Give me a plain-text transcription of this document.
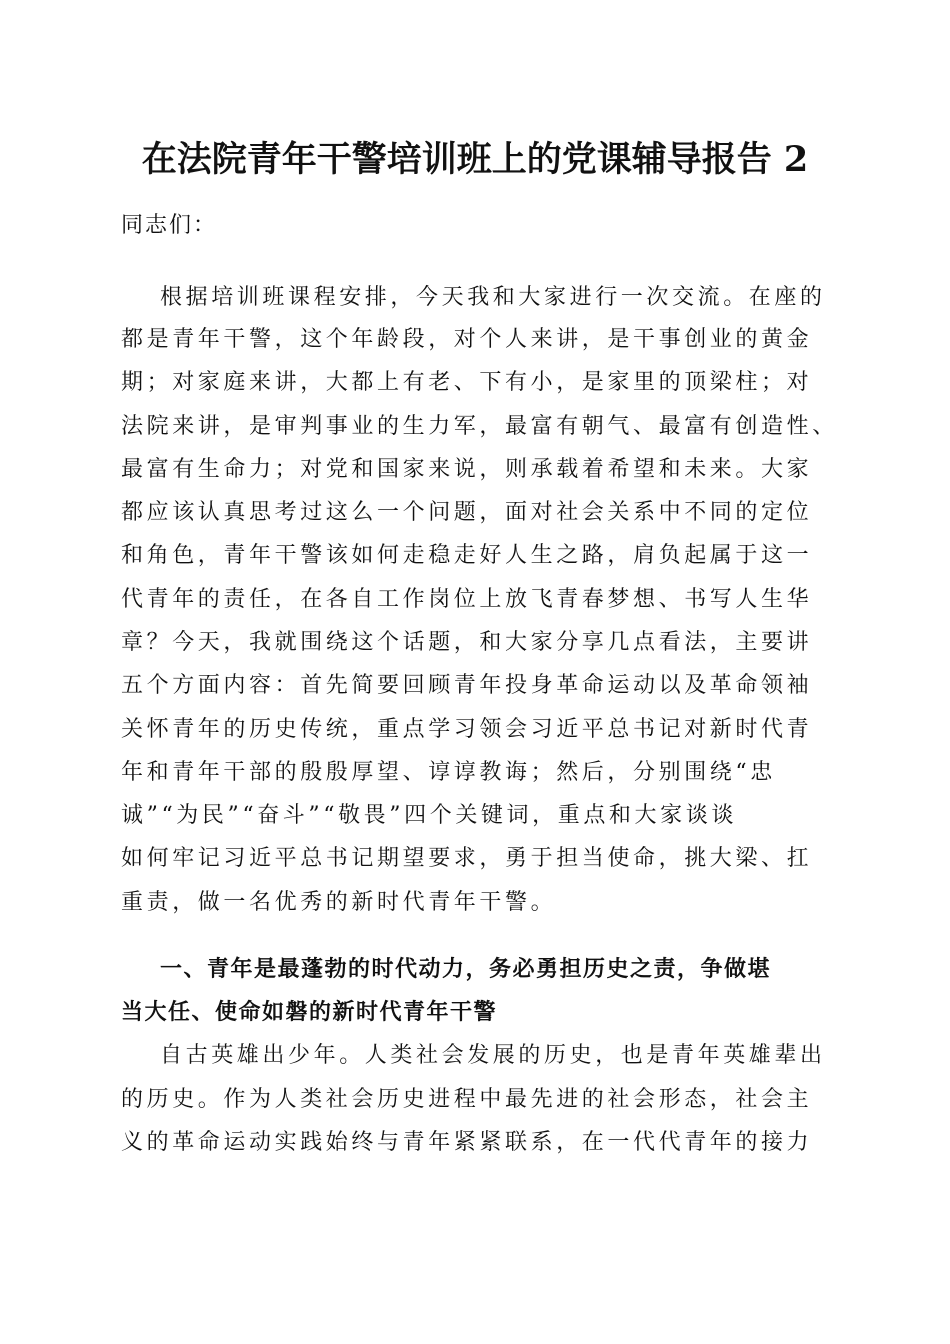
在法院青年干警培训班上的党课辅导报告 2

同志们：

根据培训班课程安排，今天我和大家进行一次交流。在座的

都是青年干警，这个年龄段，对个人来讲，是干事创业的黄金

期；对家庭来讲，大都上有老、下有小，是家里的顶梁柱；对

法院来讲，是审判事业的生力军，最富有朝气、最富有创造性、

最富有生命力；对党和国家来说，则承载着希望和未来。大家

都应该认真思考过这么一个问题，面对社会关系中不同的定位

和角色，青年干警该如何走稳走好人生之路，肩负起属于这一

代青年的责任，在各自工作岗位上放飞青春梦想、书写人生华

章？今天，我就围绕这个话题，和大家分享几点看法，主要讲

五个方面内容：首先简要回顾青年投身革命运动以及革命领袖

关怀青年的历史传统，重点学习领会习近平总书记对新时代青

年和青年干部的殷殷厚望、谆谆教诲；然后，分别围绕“忠

诚”“为民”“奋斗”“敬畏”四个关键词，重点和大家谈谈

如何牢记习近平总书记期望要求，勇于担当使命，挑大梁、扛

重责，做一名优秀的新时代青年干警。

一、青年是最蓬勃的时代动力，务必勇担历史之责，争做堪

当大任、使命如磐的新时代青年干警

自古英雄出少年。人类社会发展的历史，也是青年英雄辈出

的历史。作为人类社会历史进程中最先进的社会形态，社会主

义的革命运动实践始终与青年紧紧联系，在一代代青年的接力
